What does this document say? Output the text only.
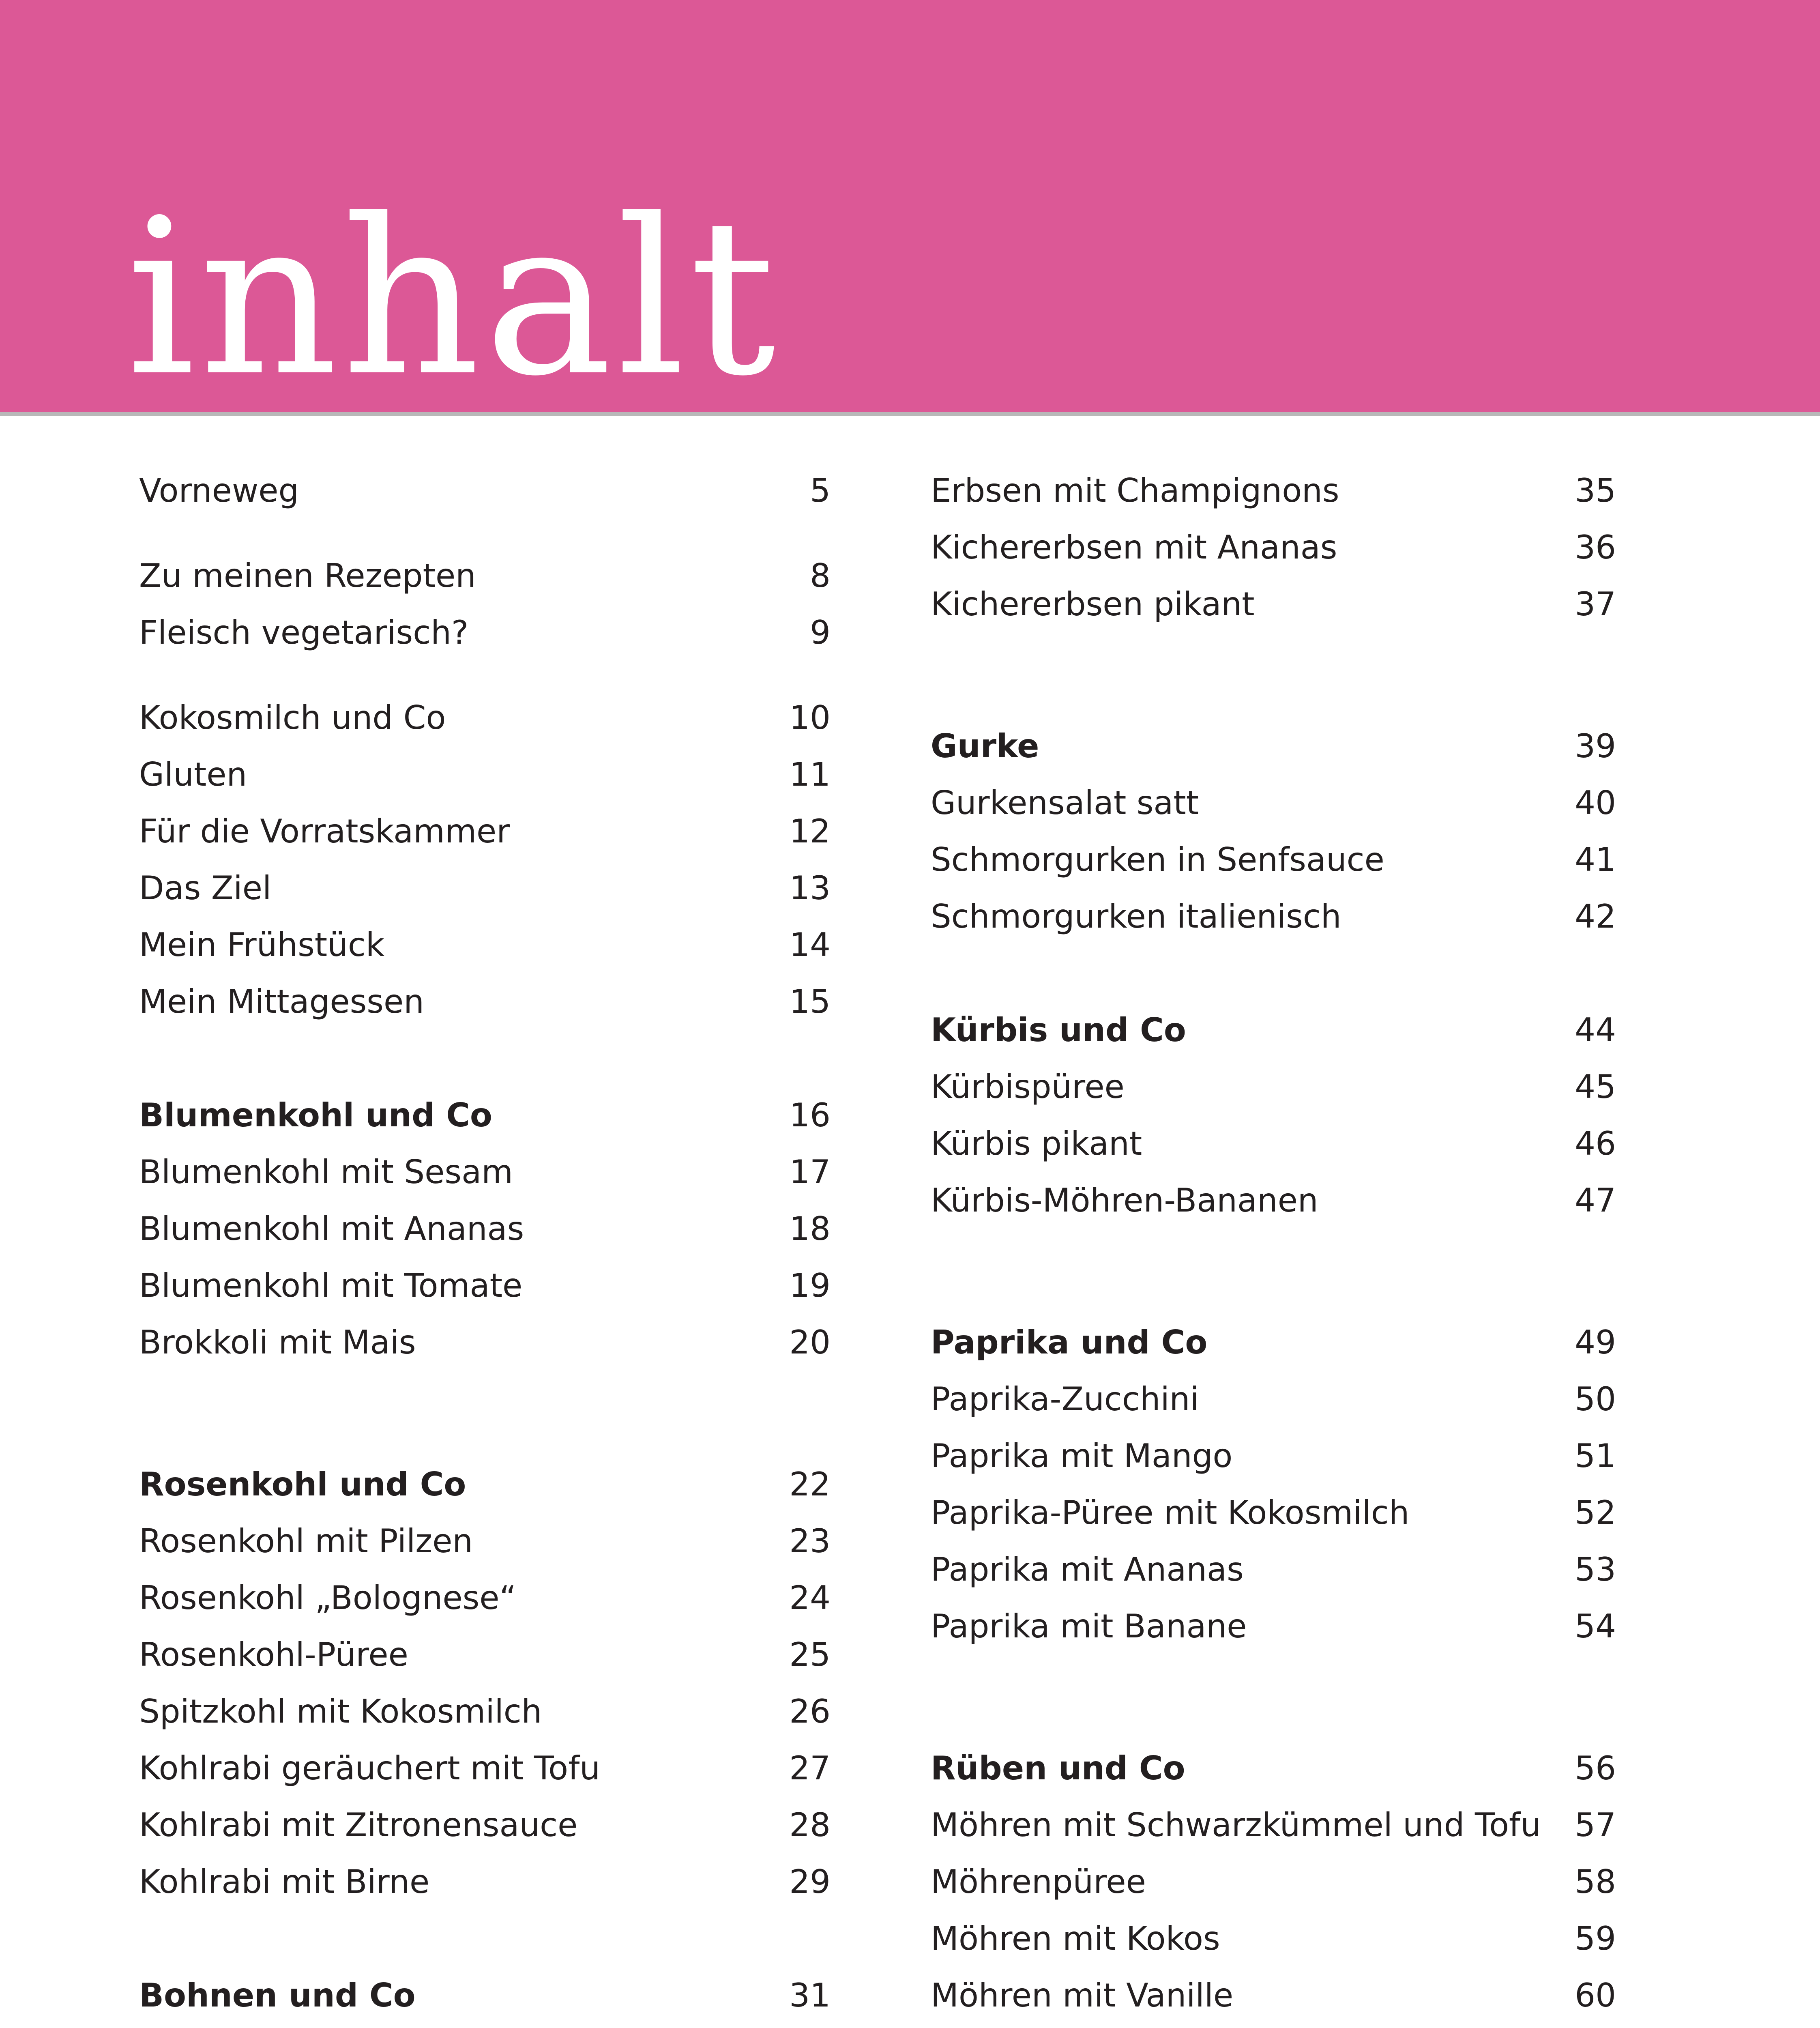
inhalt
Vorneweg	5
Zu meinen Rezepten	8
Fleisch vegetarisch?	9
Kokosmilch und Co	10
Gluten	11
Für die Vorratskammer	12
Das Ziel	13
Mein Frühstück	14
Mein Mittagessen	15
Blumenkohl und Co	16
Blumenkohl mit Sesam	17
Blumenkohl mit Ananas	18
Blumenkohl mit Tomate	19
Brokkoli mit Mais	20
Rosenkohl und Co	22
Rosenkohl mit Pilzen	23
Rosenkohl „Bolognese“	24
Rosenkohl-Püree	25
Spitzkohl mit Kokosmilch	26
Kohlrabi geräuchert mit Tofu	27
Kohlrabi mit Zitronensauce	28
Kohlrabi mit Birne	29
Bohnen und Co	31
Erbsen mit Champignons	35
Kichererbsen mit Ananas	36
Kichererbsen pikant	37
Gurke	39
Gurkensalat satt	40
Schmorgurken in Senfsauce	41
Schmorgurken italienisch	42
Kürbis und Co	44
Kürbispüree	45
Kürbis pikant	46
Kürbis-Möhren-Bananen	47
Paprika und Co	49
Paprika-Zucchini	50
Paprika mit Mango	51
Paprika-Püree mit Kokosmilch	52
Paprika mit Ananas	53
Paprika mit Banane	54
Rüben und Co	56
Möhren mit Schwarzkümmel und Tofu 57
Möhrenpüree	58
Möhren mit Kokos	59
Möhren mit Vanille	60
